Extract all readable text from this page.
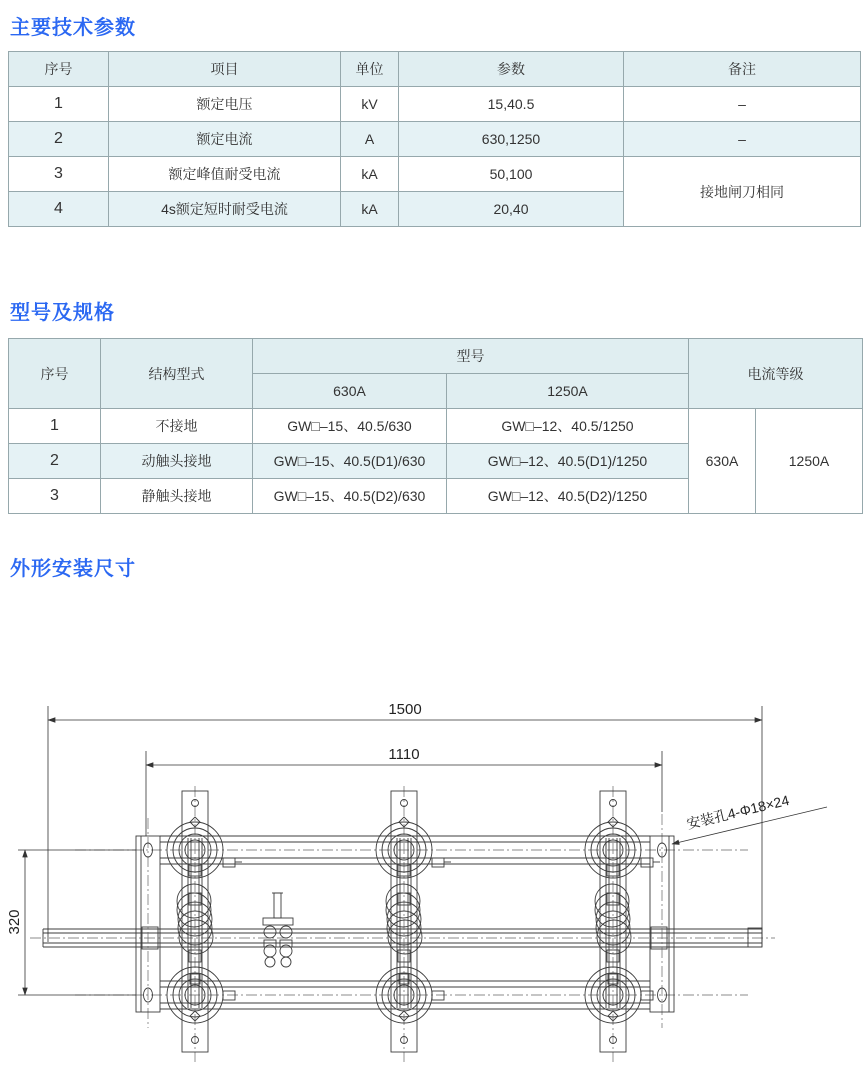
主要技术参数
序号	项目	单位	参数	备注
1	额定电压	kV	15,40.5	–
2	额定电流	A	630,1250	–
3	额定峰值耐受电流	kA	50,100	接地闸刀相同
4	4s额定短时耐受电流	kA	20,40	
型号及规格
序号	结构型式	型号		电流等级	
		630A	1250A		
1	不接地	GW□–15、40.5/630	GW□–12、40.5/1250	630A	1250A
2	动触头接地	GW□–15、40.5(D1)/630	GW□–12、40.5(D1)/1250		
3	静触头接地	GW□–15、40.5(D2)/630	GW□–12、40.5(D2)/1250		
外形安装尺寸
1500
1110
320
安装孔4-Φ18×24
